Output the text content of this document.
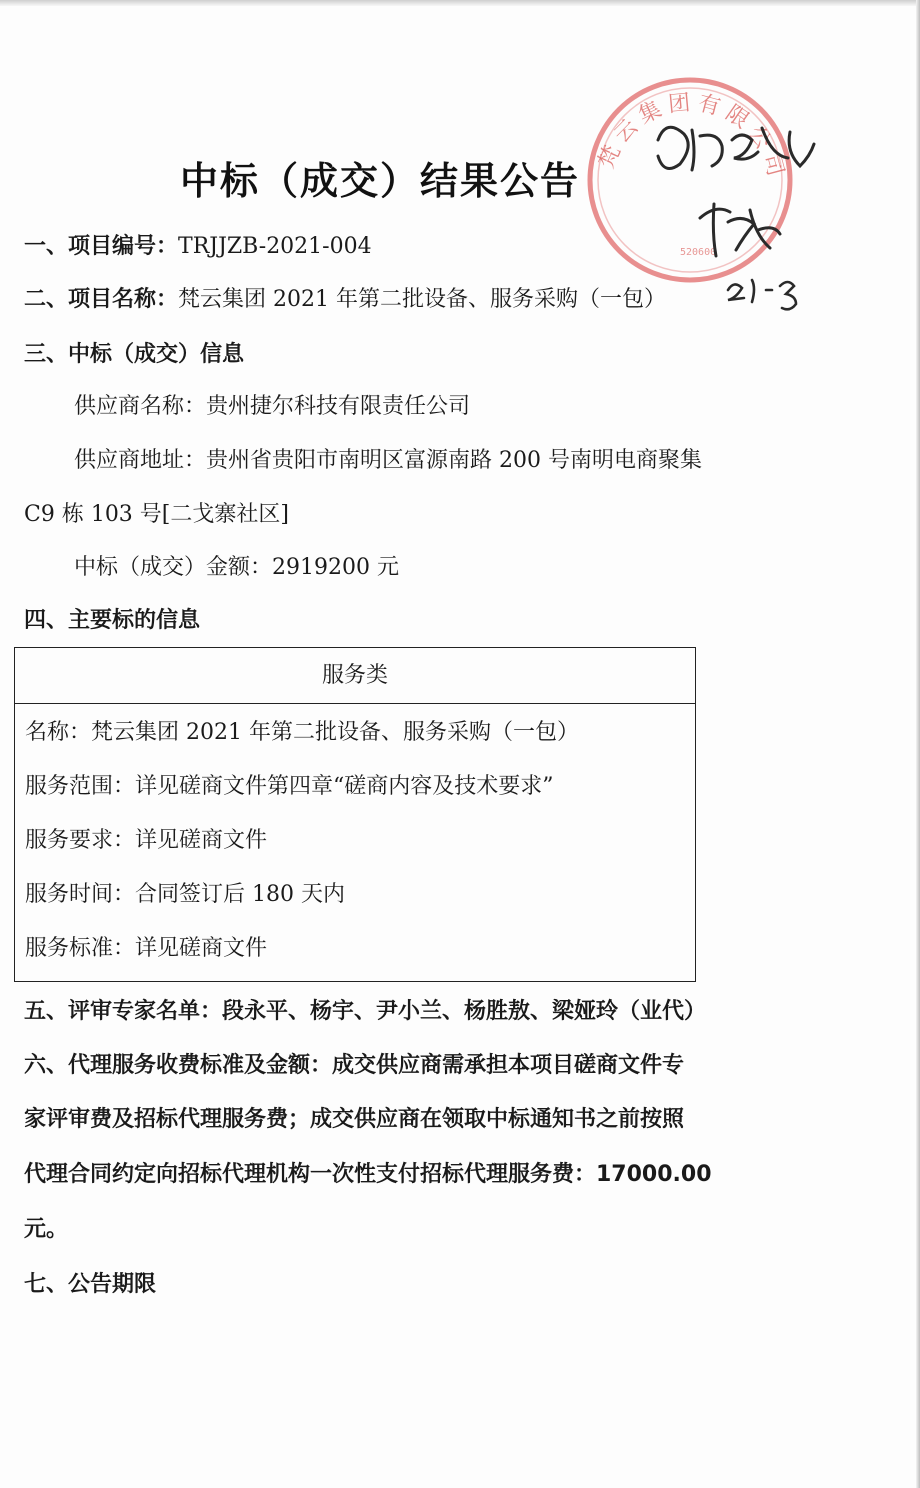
梵云集团有限公司
520600
中标（成交）结果公告
一、项目编号：TRJJZB-2021-004
二、项目名称：梵云集团 2021 年第二批设备、服务采购（一包）
三、中标（成交）信息
供应商名称：贵州捷尔科技有限责任公司
供应商地址：贵州省贵阳市南明区富源南路 200 号南明电商聚集
C9 栋 103 号[二戈寨社区]
中标（成交）金额：2919200 元
四、主要标的信息
服务类
名称：梵云集团 2021 年第二批设备、服务采购（一包）
服务范围：详见磋商文件第四章“磋商内容及技术要求”
服务要求：详见磋商文件
服务时间：合同签订后 180 天内
服务标准：详见磋商文件
五、评审专家名单：段永平、杨宇、尹小兰、杨胜敖、梁娅玲（业代）
六、代理服务收费标准及金额：成交供应商需承担本项目磋商文件专
家评审费及招标代理服务费；成交供应商在领取中标通知书之前按照
代理合同约定向招标代理机构一次性支付招标代理服务费：17000.00
元。
七、公告期限
